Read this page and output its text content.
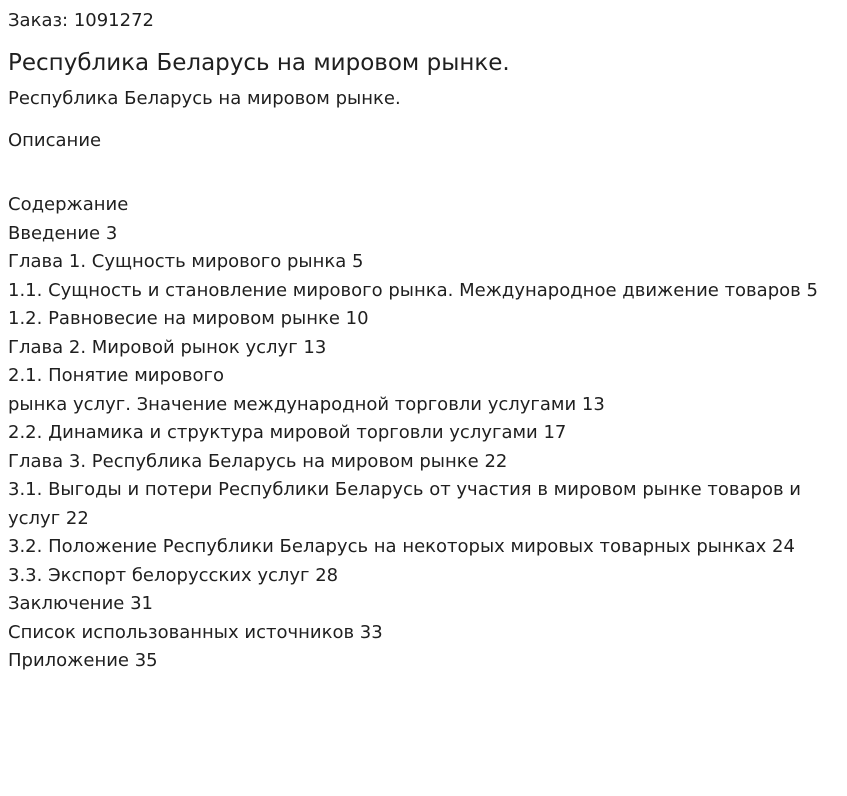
Заказ: 1091272

Республика Беларусь на мировом рынке.

Республика Беларусь на мировом рынке.

Описание

Содержание
Введение 3
Глава 1. Сущность мирового рынка 5
1.1. Сущность и становление мирового рынка. Международное движение товаров 5
1.2. Равновесие на мировом рынке 10
Глава 2. Мировой рынок услуг 13
2.1. Понятие мирового
рынка услуг. Значение международной торговли услугами 13
2.2. Динамика и структура мировой торговли услугами 17
Глава 3. Республика Беларусь на мировом рынке 22
3.1. Выгоды и потери Республики Беларусь от участия в мировом рынке товаров и услуг 22
3.2. Положение Республики Беларусь на некоторых мировых товарных рынках 24
3.3. Экспорт белорусских услуг 28
Заключение 31
Список использованных источников 33
Приложение 35
